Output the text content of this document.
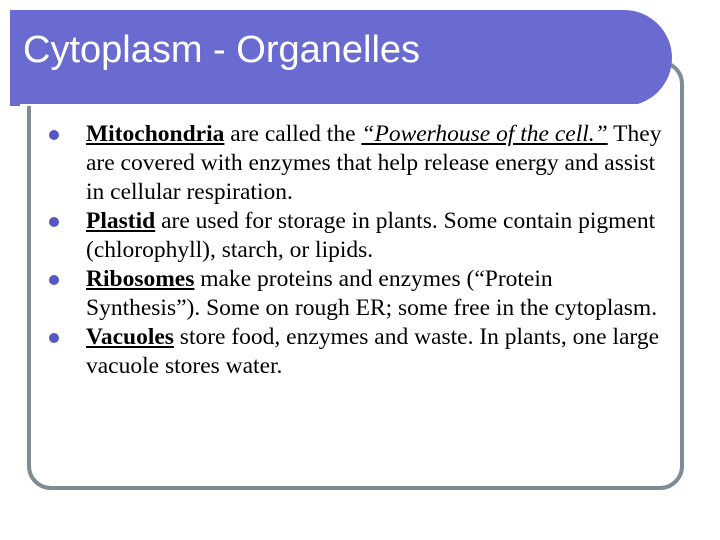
Cytoplasm - Organelles
Mitochondria are called the “Powerhouse of the cell.” They are covered with enzymes that help release energy and assist in cellular respiration.
Plastid are used for storage in plants. Some contain pigment (chlorophyll), starch, or lipids.
Ribosomes make proteins and enzymes (“Protein Synthesis”). Some on rough ER; some free in the cytoplasm.
Vacuoles store food, enzymes and waste. In plants, one large vacuole stores water.
